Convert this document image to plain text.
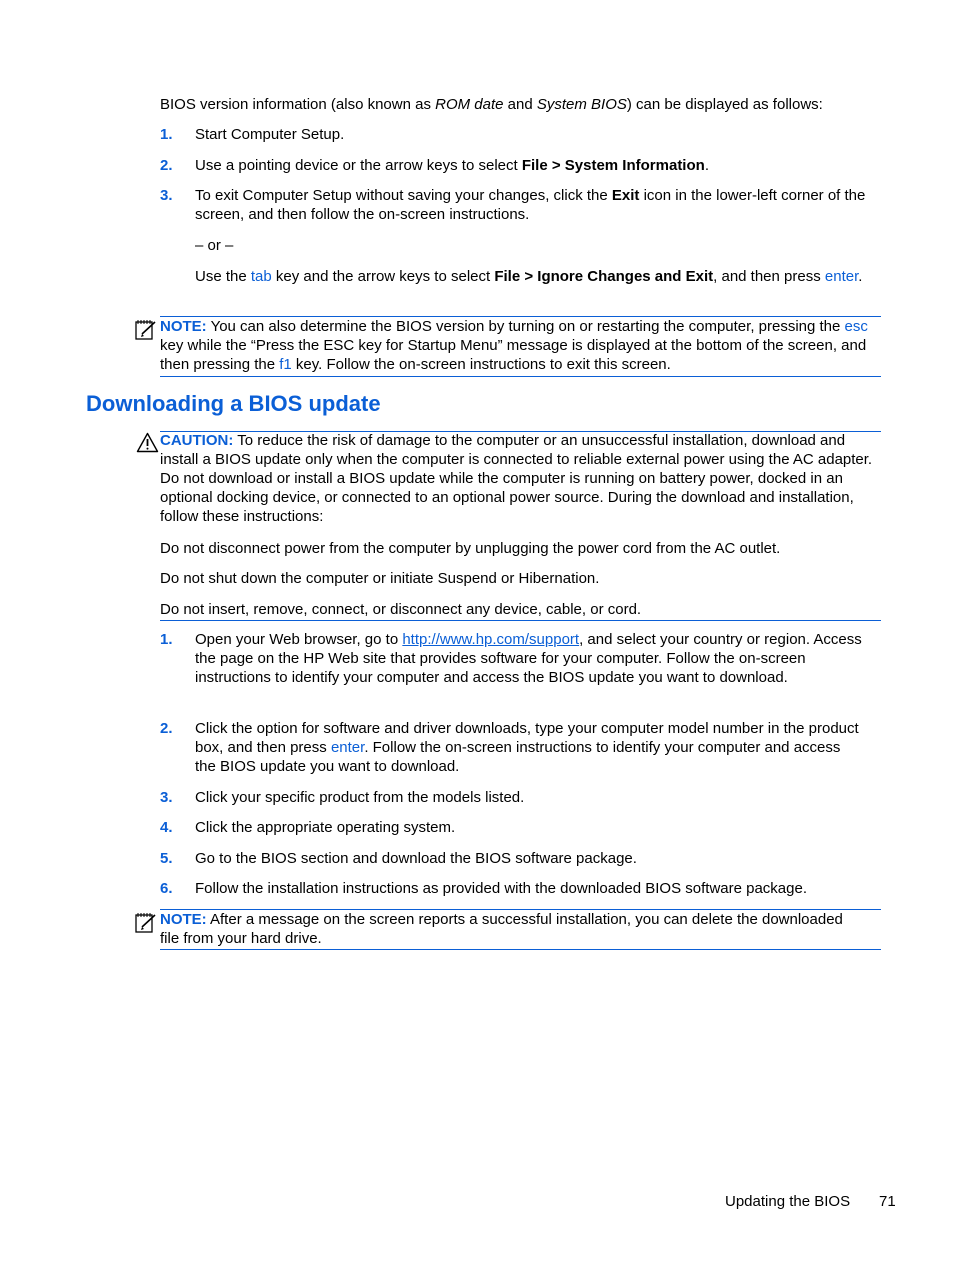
BIOS version information (also known as ROM date and System BIOS) can be displayed as follows:
1. Start Computer Setup.
2. Use a pointing device or the arrow keys to select File > System Information.
3. To exit Computer Setup without saving your changes, click the Exit icon in the lower-left corner of the screen, and then follow the on-screen instructions.
– or –
Use the tab key and the arrow keys to select File > Ignore Changes and Exit, and then press enter.
NOTE: You can also determine the BIOS version by turning on or restarting the computer, pressing the esc key while the “Press the ESC key for Startup Menu” message is displayed at the bottom of the screen, and then pressing the f1 key. Follow the on-screen instructions to exit this screen.
Downloading a BIOS update
CAUTION: To reduce the risk of damage to the computer or an unsuccessful installation, download and install a BIOS update only when the computer is connected to reliable external power using the AC adapter. Do not download or install a BIOS update while the computer is running on battery power, docked in an optional docking device, or connected to an optional power source. During the download and installation, follow these instructions:
Do not disconnect power from the computer by unplugging the power cord from the AC outlet.
Do not shut down the computer or initiate Suspend or Hibernation.
Do not insert, remove, connect, or disconnect any device, cable, or cord.
1. Open your Web browser, go to http://www.hp.com/support, and select your country or region. Access the page on the HP Web site that provides software for your computer. Follow the on-screen instructions to identify your computer and access the BIOS update you want to download.
2. Click the option for software and driver downloads, type your computer model number in the product box, and then press enter. Follow the on-screen instructions to identify your computer and access the BIOS update you want to download.
3. Click your specific product from the models listed.
4. Click the appropriate operating system.
5. Go to the BIOS section and download the BIOS software package.
6. Follow the installation instructions as provided with the downloaded BIOS software package.
NOTE: After a message on the screen reports a successful installation, you can delete the downloaded file from your hard drive.
Updating the BIOS 71
